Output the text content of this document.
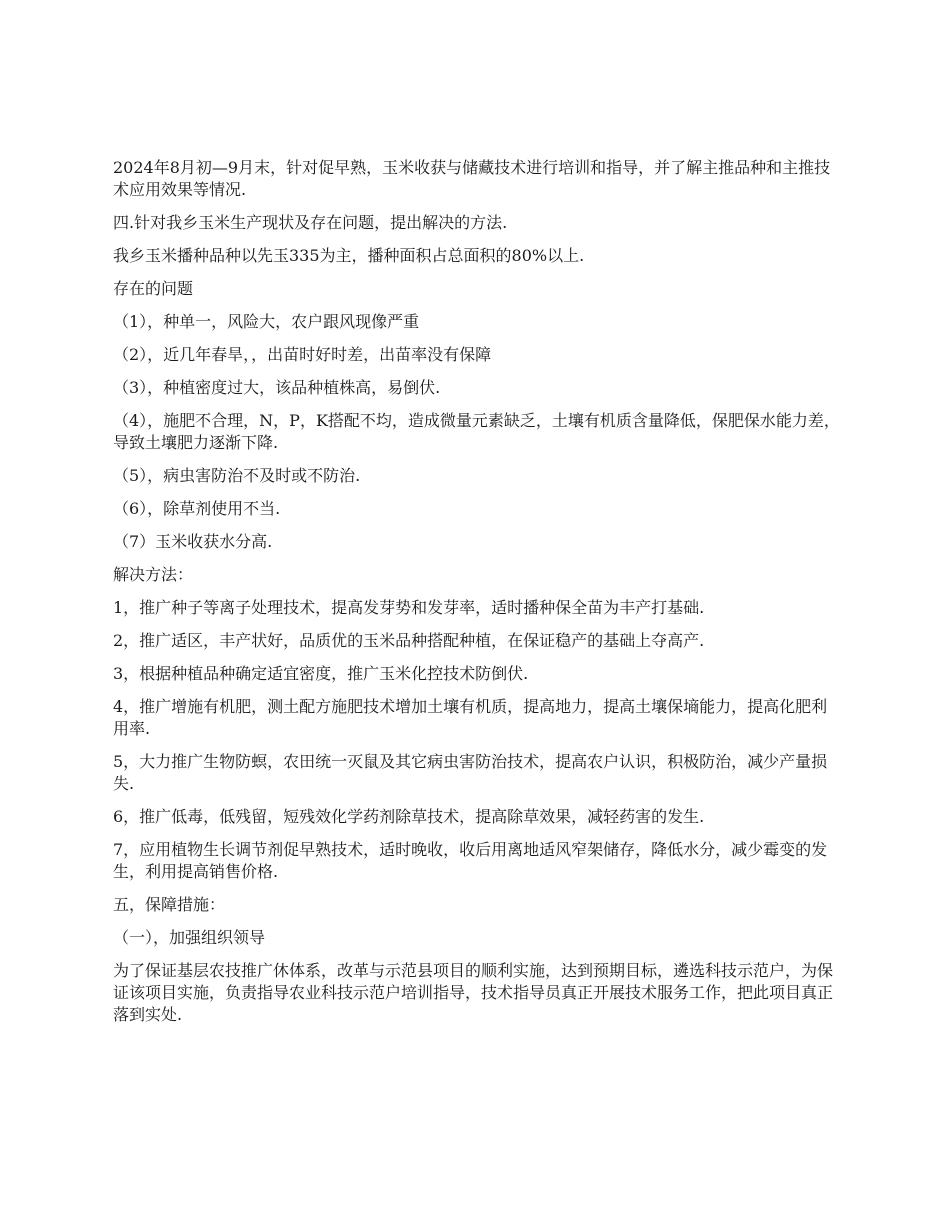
2024年8月初—9月末，针对促早熟，玉米收获与储藏技术进行培训和指导，并了解主推品种和主推技术应用效果等情况.

四.针对我乡玉米生产现状及存在问题，提出解决的方法.

我乡玉米播种品种以先玉335为主，播种面积占总面积的80%以上.

存在的问题

（1），种单一，风险大，农户跟风现像严重

（2），近几年春旱，，出苗时好时差，出苗率没有保障

（3），种植密度过大，该品种植株高，易倒伏.

（4），施肥不合理，N，P，K搭配不均，造成微量元素缺乏，土壤有机质含量降低，保肥保水能力差，导致土壤肥力逐渐下降.

（5），病虫害防治不及时或不防治.

（6），除草剂使用不当.

（7）玉米收获水分高.

解决方法：

1，推广种子等离子处理技术，提高发芽势和发芽率，适时播种保全苗为丰产打基础.

2，推广适区，丰产状好，品质优的玉米品种搭配种植，在保证稳产的基础上夺高产.

3，根据种植品种确定适宜密度，推广玉米化控技术防倒伏.

4，推广增施有机肥，测土配方施肥技术增加土壤有机质，提高地力，提高土壤保墒能力，提高化肥利用率.

5，大力推广生物防螟，农田统一灭鼠及其它病虫害防治技术，提高农户认识，积极防治，减少产量损失.

6，推广低毒，低残留，短残效化学药剂除草技术，提高除草效果，减轻药害的发生.

7，应用植物生长调节剂促早熟技术，适时晚收，收后用离地适风窄架储存，降低水分，减少霉变的发生，利用提高销售价格.

五，保障措施：

（一），加强组织领导

为了保证基层农技推广休体系，改革与示范县项目的顺利实施，达到预期目标，遴选科技示范户，为保证该项目实施，负责指导农业科技示范户培训指导，技术指导员真正开展技术服务工作，把此项目真正落到实处.
